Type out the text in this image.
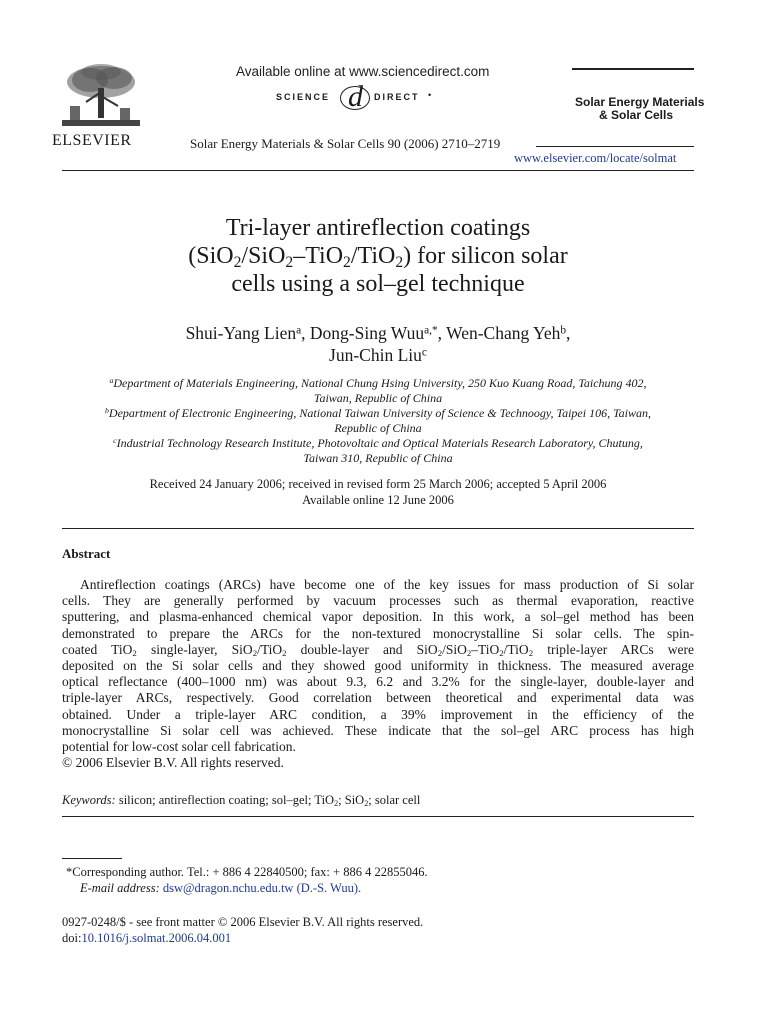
ELSEVIER
Available online at www.sciencedirect.com
SCIENCE d DIRECT •
Solar Energy Materials & Solar Cells 90 (2006) 2710–2719
Solar Energy Materials
& Solar Cells
www.elsevier.com/locate/solmat
Tri-layer antireflection coatings
(SiO$_2$/SiO$_2$–TiO$_2$/TiO$_2$) for silicon solar
cells using a sol–gel technique
Shui-Yang Lien$^a$, Dong-Sing Wuu$^{a,*}$, Wen-Chang Yeh$^b$,
Jun-Chin Liu$^c$
$^a$Department of Materials Engineering, National Chung Hsing University, 250 Kuo Kuang Road, Taichung 402,
Taiwan, Republic of China
$^b$Department of Electronic Engineering, National Taiwan University of Science & Technoogy, Taipei 106, Taiwan,
Republic of China
$^c$Industrial Technology Research Institute, Photovoltaic and Optical Materials Research Laboratory, Chutung,
Taiwan 310, Republic of China
Received 24 January 2006; received in revised form 25 March 2006; accepted 5 April 2006
Available online 12 June 2006
Abstract
Antireflection coatings (ARCs) have become one of the key issues for mass production of Si solar
cells. They are generally performed by vacuum processes such as thermal evaporation, reactive
sputtering, and plasma-enhanced chemical vapor deposition. In this work, a sol–gel method has been
demonstrated to prepare the ARCs for the non-textured monocrystalline Si solar cells. The spin-
coated TiO$_2$ single-layer, SiO$_2$/TiO$_2$ double-layer and SiO$_2$/SiO$_2$–TiO$_2$/TiO$_2$ triple-layer ARCs were
deposited on the Si solar cells and they showed good uniformity in thickness. The measured average
optical reflectance (400–1000 nm) was about 9.3, 6.2 and 3.2% for the single-layer, double-layer and
triple-layer ARCs, respectively. Good correlation between theoretical and experimental data was
obtained. Under a triple-layer ARC condition, a 39% improvement in the efficiency of the
monocrystalline Si solar cell was achieved. These indicate that the sol–gel ARC process has high
potential for low-cost solar cell fabrication.
© 2006 Elsevier B.V. All rights reserved.
Keywords: silicon; antireflection coating; sol–gel; TiO$_2$; SiO$_2$; solar cell
*Corresponding author. Tel.: + 886 4 22840500; fax: + 886 4 22855046.
E-mail address: dsw@dragon.nchu.edu.tw (D.-S. Wuu).
0927-0248/$ - see front matter © 2006 Elsevier B.V. All rights reserved.
doi:10.1016/j.solmat.2006.04.001
